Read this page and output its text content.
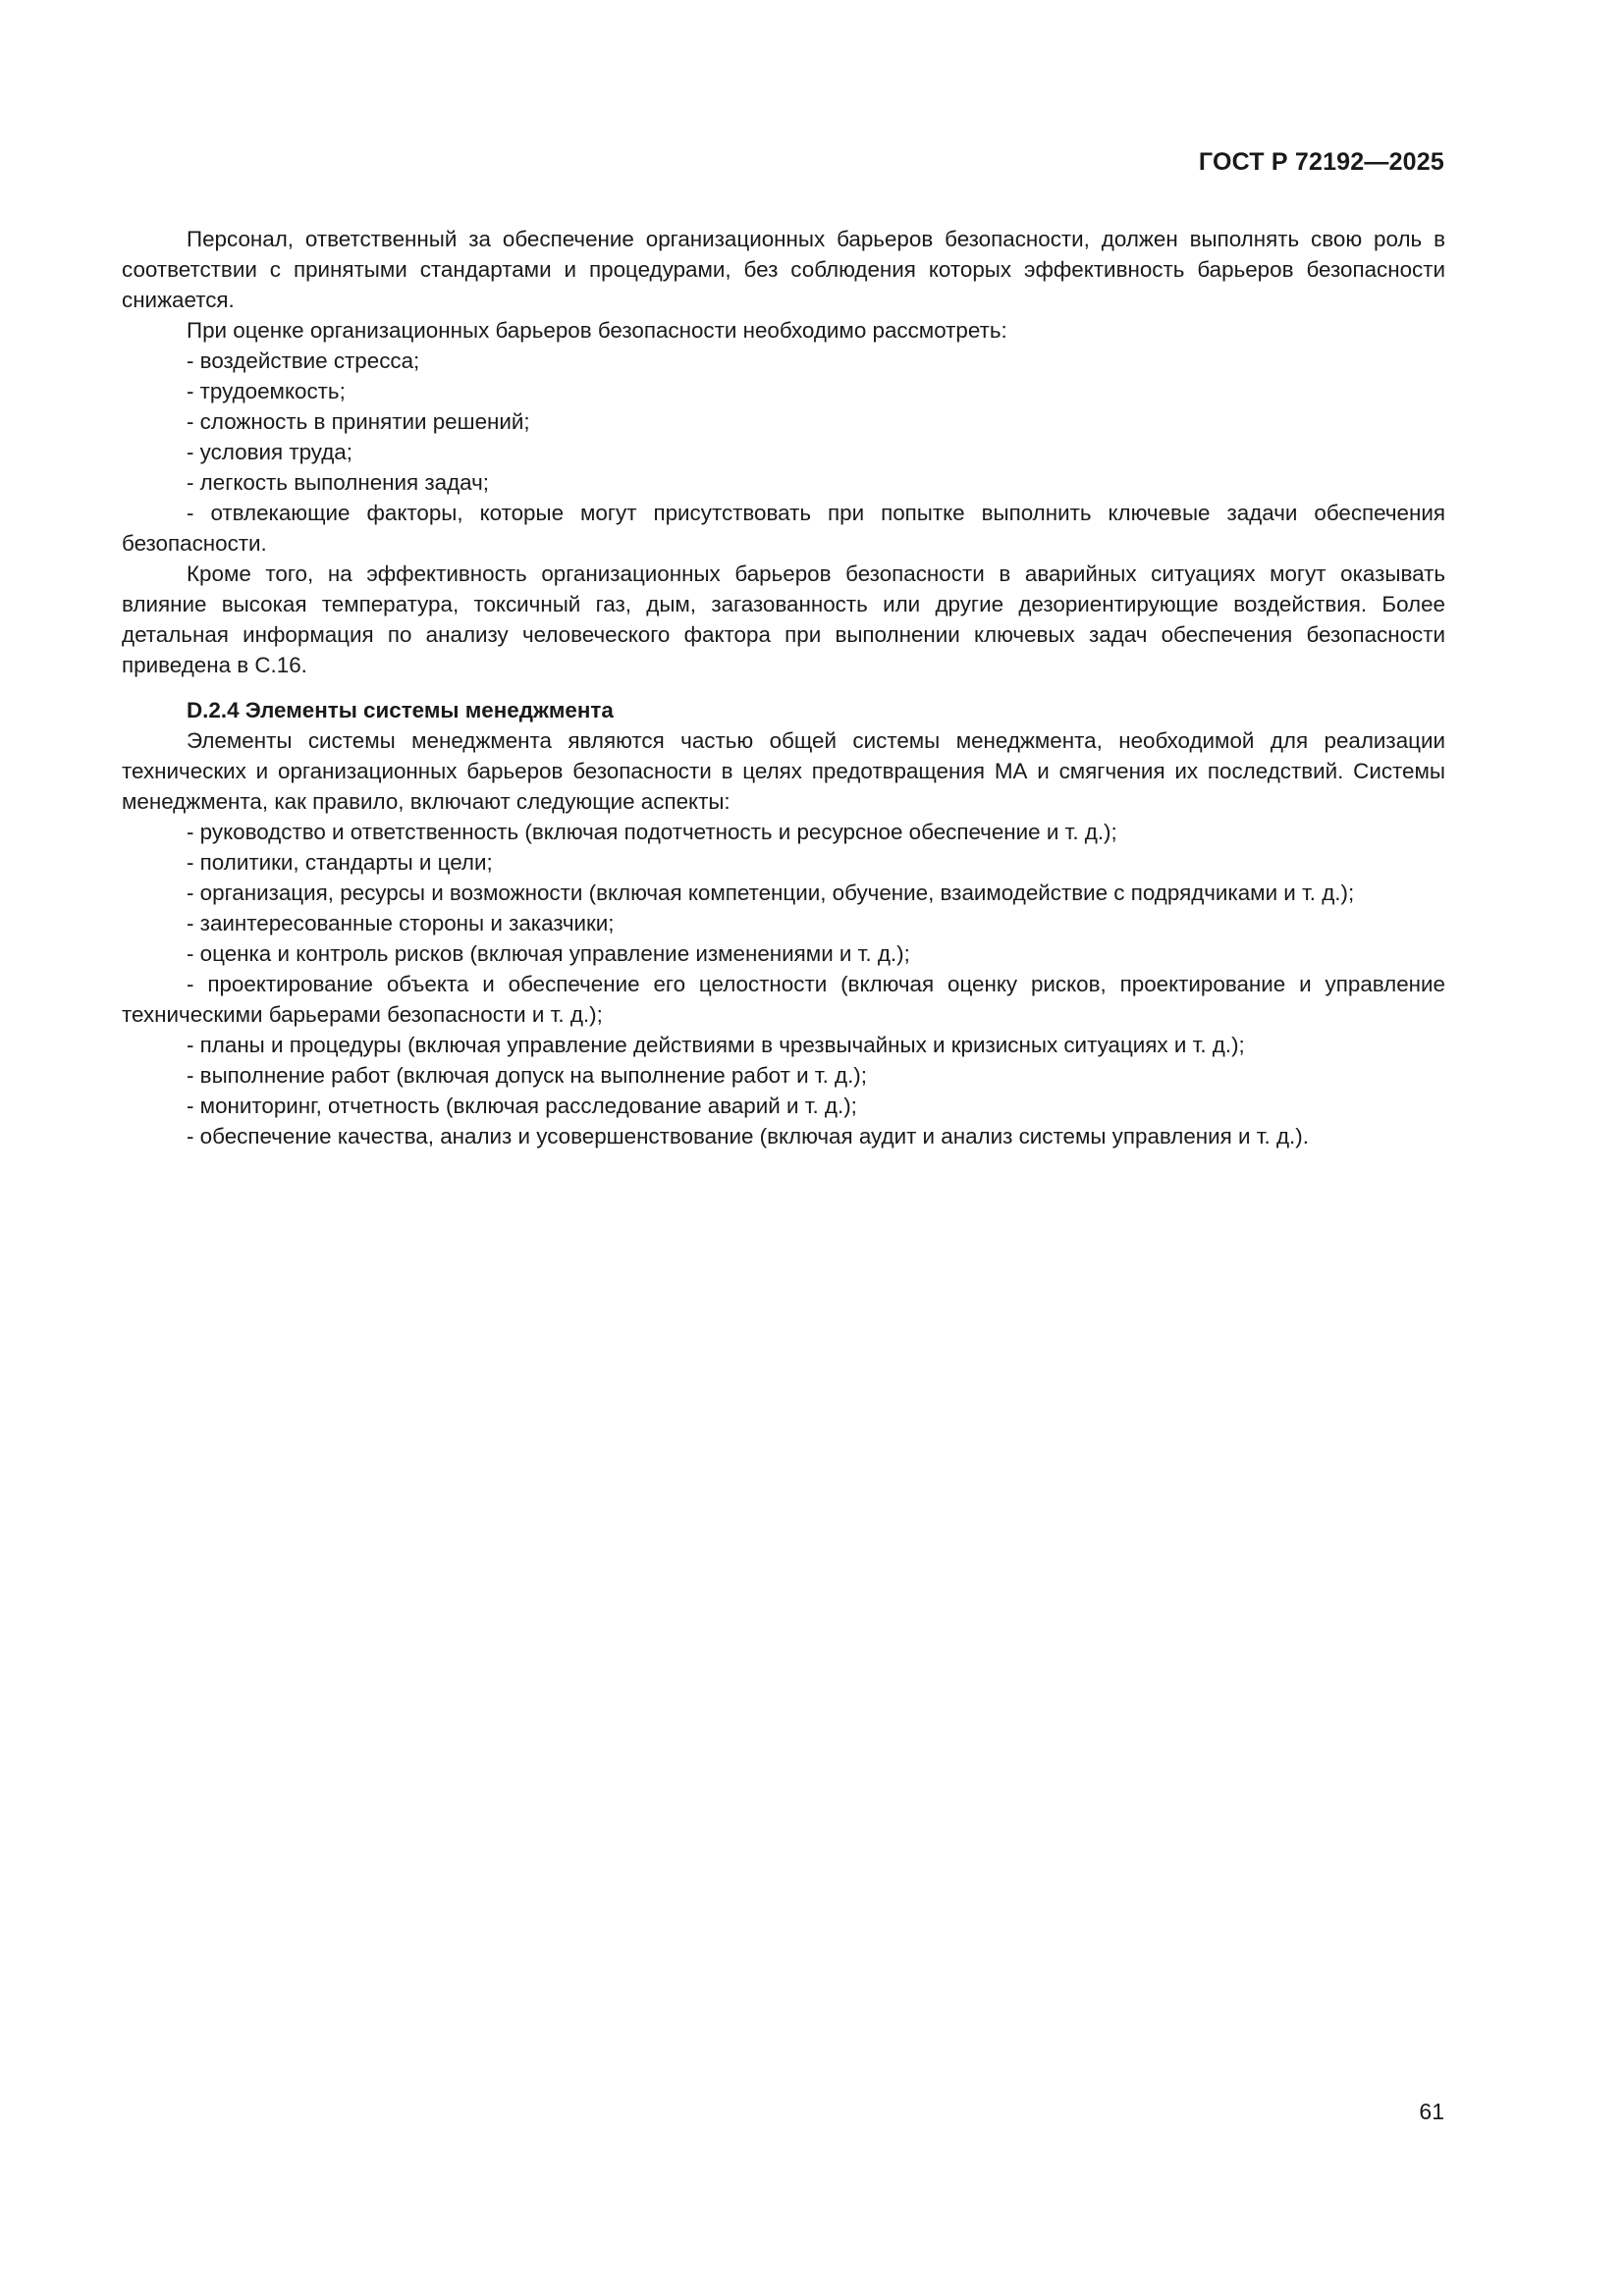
ГОСТ Р 72192—2025

Персонал, ответственный за обеспечение организационных барьеров безопасности, должен выполнять свою роль в соответствии с принятыми стандартами и процедурами, без соблюдения которых эффективность барьеров безопасности снижается.

При оценке организационных барьеров безопасности необходимо рассмотреть:

- воздействие стресса;

- трудоемкость;

- сложность в принятии решений;

- условия труда;

- легкость выполнения задач;

- отвлекающие факторы, которые могут присутствовать при попытке выполнить ключевые задачи обеспечения безопасности.

Кроме того, на эффективность организационных барьеров безопасности в аварийных ситуациях могут оказывать влияние высокая температура, токсичный газ, дым, загазованность или другие дезориентирующие воздействия. Более детальная информация по анализу человеческого фактора при выполнении ключевых задач обеспечения безопасности приведена в С.16.

D.2.4 Элементы системы менеджмента

Элементы системы менеджмента являются частью общей системы менеджмента, необходимой для реализации технических и организационных барьеров безопасности в целях предотвращения МА и смягчения их последствий. Системы менеджмента, как правило, включают следующие аспекты:

- руководство и ответственность (включая подотчетность и ресурсное обеспечение и т. д.);

- политики, стандарты и цели;

- организация, ресурсы и возможности (включая компетенции, обучение, взаимодействие с подрядчиками и т. д.);

- заинтересованные стороны и заказчики;

- оценка и контроль рисков (включая управление изменениями и т. д.);

- проектирование объекта и обеспечение его целостности (включая оценку рисков, проектирование и управление техническими барьерами безопасности и т. д.);

- планы и процедуры (включая управление действиями в чрезвычайных и кризисных ситуациях и т. д.);

- выполнение работ (включая допуск на выполнение работ и т. д.);

- мониторинг, отчетность (включая расследование аварий и т. д.);

- обеспечение качества, анализ и усовершенствование (включая аудит и анализ системы управления и т. д.).

61
